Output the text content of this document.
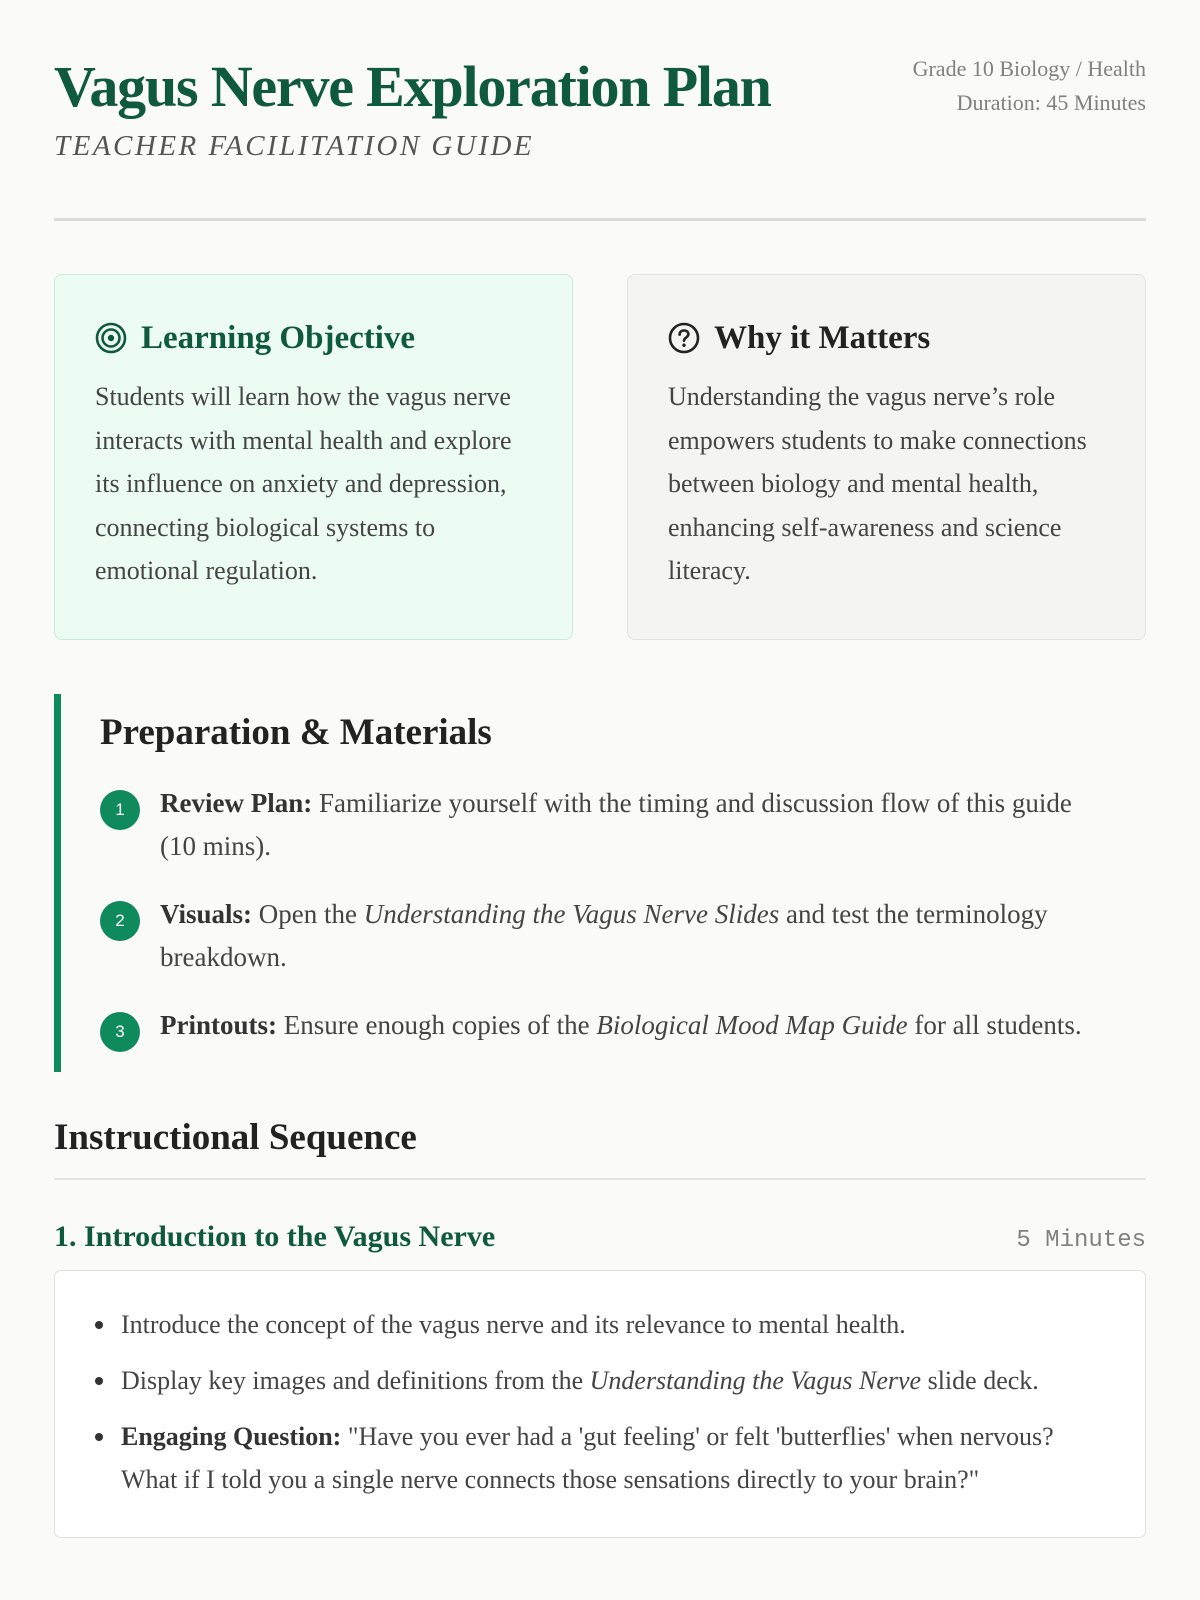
Vagus Nerve Exploration Plan
TEACHER FACILITATION GUIDE
Grade 10 Biology / Health
Duration: 45 Minutes
Learning Objective
Students will learn how the vagus nerve interacts with mental health and explore its influence on anxiety and depression, connecting biological systems to emotional regulation.
Why it Matters
Understanding the vagus nerve’s role empowers students to make connections between biology and mental health, enhancing self-awareness and science literacy.
Preparation & Materials
1	Review Plan: Familiarize yourself with the timing and discussion flow of this guide (10 mins).
2	Visuals: Open the Understanding the Vagus Nerve Slides and test the terminology breakdown.
3	Printouts: Ensure enough copies of the Biological Mood Map Guide for all students.
Instructional Sequence
1. Introduction to the Vagus Nerve	5 Minutes
Introduce the concept of the vagus nerve and its relevance to mental health.
Display key images and definitions from the Understanding the Vagus Nerve slide deck.
Engaging Question: "Have you ever had a 'gut feeling' or felt 'butterflies' when nervous? What if I told you a single nerve connects those sensations directly to your brain?"
